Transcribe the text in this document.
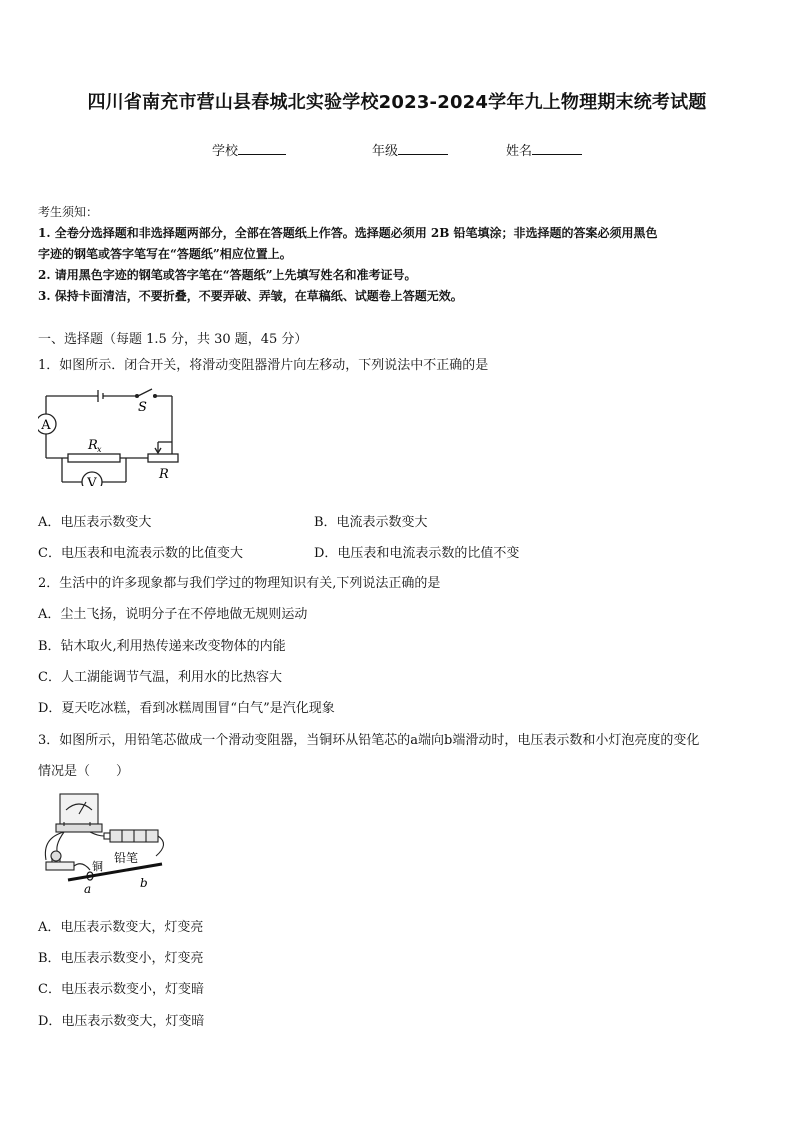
四川省南充市营山县春城北实验学校2023-2024学年九上物理期末统考试题
学校	年级	姓名
考生须知：
1. 全卷分选择题和非选择题两部分，全部在答题纸上作答。选择题必须用 2B 铅笔填涂；非选择题的答案必须用黑色
字迹的钢笔或答字笔写在“答题纸”相应位置上。
2. 请用黑色字迹的钢笔或答字笔在“答题纸”上先填写姓名和准考证号。
3. 保持卡面清洁，不要折叠，不要弄破、弄皱，在草稿纸、试题卷上答题无效。
一、选择题（每题 1.5 分，共 30 题，45 分）
1．如图所示．闭合开关，将滑动变阻器滑片向左移动，下列说法中不正确的是
A
V
S
R x
R
A．电压表示数变大	B．电流表示数变大
C．电压表和电流表示数的比值变大	D．电压表和电流表示数的比值不变
2．生活中的许多现象都与我们学过的物理知识有关,下列说法正确的是
A．尘土飞扬，说明分子在不停地做无规则运动
B．钻木取火,利用热传递来改变物体的内能
C．人工湖能调节气温，利用水的比热容大
D．夏天吃冰糕，看到冰糕周围冒“白气”是汽化现象
3．如图所示，用铅笔芯做成一个滑动变阻器，当铜环从铅笔芯的a端向b端滑动时，电压表示数和小灯泡亮度的变化
情况是（　　）
铜
铅笔
a	b
A．电压表示数变大，灯变亮
B．电压表示数变小，灯变亮
C．电压表示数变小，灯变暗
D．电压表示数变大，灯变暗
